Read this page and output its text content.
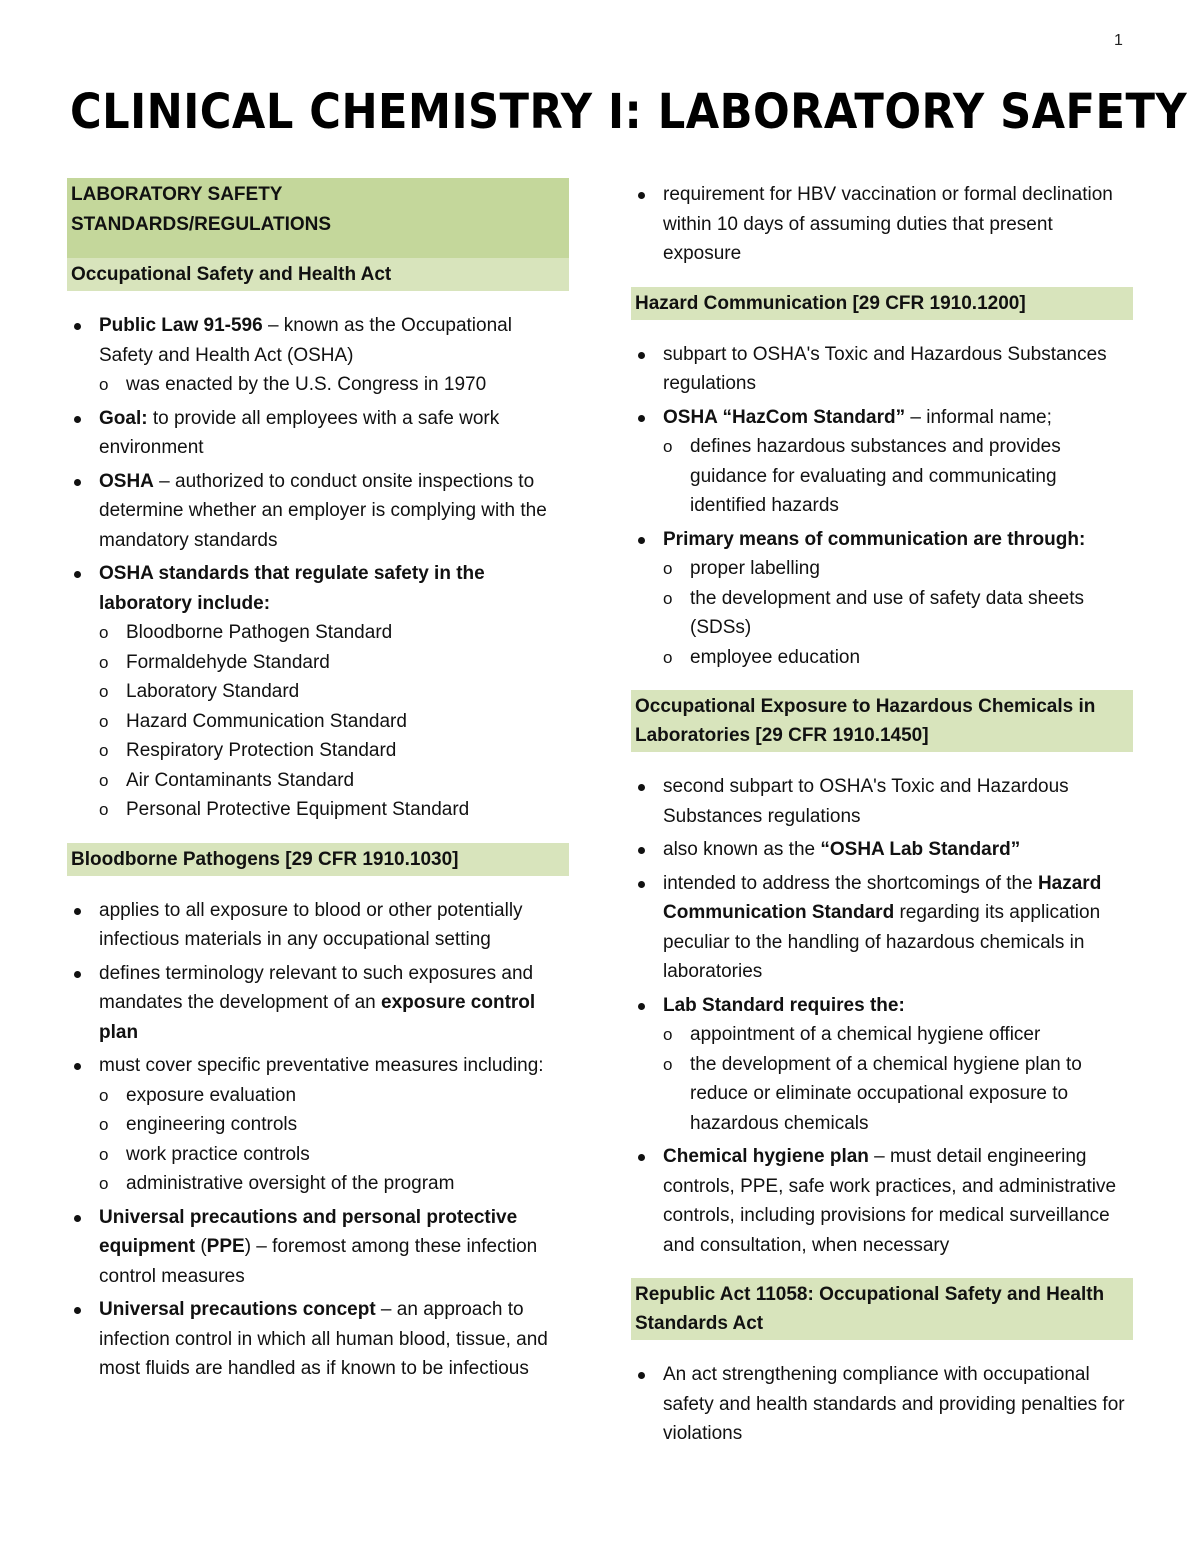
1
CLINICAL CHEMISTRY I: LABORATORY SAFETY
LABORATORY SAFETY
STANDARDS/REGULATIONS
Occupational Safety and Health Act
Public Law 91-596 – known as the Occupational Safety and Health Act (OSHA)
o was enacted by the U.S. Congress in 1970
Goal: to provide all employees with a safe work environment
OSHA – authorized to conduct onsite inspections to determine whether an employer is complying with the mandatory standards
OSHA standards that regulate safety in the laboratory include:
o Bloodborne Pathogen Standard
o Formaldehyde Standard
o Laboratory Standard
o Hazard Communication Standard
o Respiratory Protection Standard
o Air Contaminants Standard
o Personal Protective Equipment Standard
Bloodborne Pathogens [29 CFR 1910.1030]
applies to all exposure to blood or other potentially infectious materials in any occupational setting
defines terminology relevant to such exposures and mandates the development of an exposure control plan
must cover specific preventative measures including:
o exposure evaluation
o engineering controls
o work practice controls
o administrative oversight of the program
Universal precautions and personal protective equipment (PPE) – foremost among these infection control measures
Universal precautions concept – an approach to infection control in which all human blood, tissue, and most fluids are handled as if known to be infectious
requirement for HBV vaccination or formal declination within 10 days of assuming duties that present exposure
Hazard Communication [29 CFR 1910.1200]
subpart to OSHA's Toxic and Hazardous Substances regulations
OSHA “HazCom Standard” – informal name;
o defines hazardous substances and provides guidance for evaluating and communicating identified hazards
Primary means of communication are through:
o proper labelling
o the development and use of safety data sheets (SDSs)
o employee education
Occupational Exposure to Hazardous Chemicals in Laboratories [29 CFR 1910.1450]
second subpart to OSHA's Toxic and Hazardous Substances regulations
also known as the “OSHA Lab Standard”
intended to address the shortcomings of the Hazard Communication Standard regarding its application peculiar to the handling of hazardous chemicals in laboratories
Lab Standard requires the:
o appointment of a chemical hygiene officer
o the development of a chemical hygiene plan to reduce or eliminate occupational exposure to hazardous chemicals
Chemical hygiene plan – must detail engineering controls, PPE, safe work practices, and administrative controls, including provisions for medical surveillance and consultation, when necessary
Republic Act 11058: Occupational Safety and Health Standards Act
An act strengthening compliance with occupational safety and health standards and providing penalties for violations
